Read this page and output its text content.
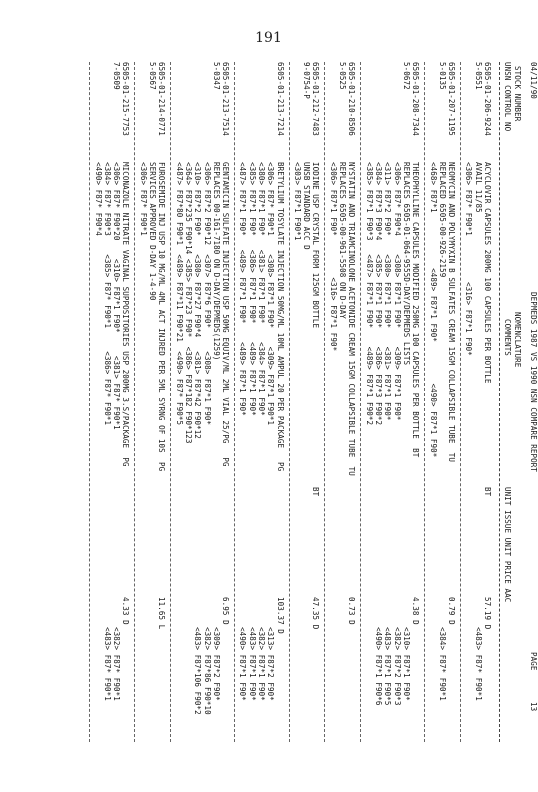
191
04/11/90
DEPMEDS 1987 VS 1990 NSN COMPARE REPORT
PAGE
13
STOCK NUMBER
UNSN CONTROL NO
NOMENCLATURE
COMMENTS
UNIT ISSUE UNIT PRICE AAC
6505-01-206-9244
5-0551
ACYCLOVIR CAPSULES 200MG 100 CAPSULES PER BOTTLE
AVAIL 11/85
<306> F87* F90*1          <316> F87*1 F90*
BT
57.19 D
<483> F87* F90*1
6505-01-207-1195
5-0135
NEOMYCIN AND POLYMYXIN B SULFATES CREAM 15GM COLLAPSIBLE TUBE  TU
REPLACED 6505-00-926-2159
<468> F87*1            <489> F87*1 F90*         <490> F87*1 F90*
0.79 D
<384> F87* F90*1
6505-01-208-7344
5-0672
THEOPHYLLINE CAPSULES MODIFIED 250MG 100 CAPSULES PER BOTTLE  BT
REPLACES 6505-01-064-9555D-DAY/DEPMEDS LISTS
<306> F87* F90*4    <308> F87*1 F90*    <309> F87*1 F90*
<311> F87*2 F90*    <380> F87*1 F90*    <381> F87*1 F90*
<384> F87*3 F90*4   <385> F87*1 F90*    <386> F87*3 F90*2
<385> F87*1 F90*3   <487> F87*1 F90*    <489> F87*1 F90*2
4.38 D
<310> F87*1 F90*
<382> F87*2 F90*3
<483> F87*1 F90*5
<490> F87*1 F90*6
6505-01-210-8506
5-0525
NYSTATIN AND TRIAMCINOLONE ACETONIDE CREAM 15GM COLLAPSIBLE TUBE  TU
REPLACES 6505-00-961-5508 ON D-DAY
<306> F87*1 F90*         <316> F87*1 F90*
0.73 D
6505-01-212-7483
9-0754-P
IODINE USP CRYSTAL FORM 125GM BOTTLE
UNSB STANDARD ACC D
<303> F87*1 F90*1
BT
47.35 D
6505-01-213-7214
BRETYLIUM TOSYLATE INJECTION 50MG/ML 10ML AMPUL 20 PER PACKAGE   PG
<306> F87* F90*1    <308> F87*1 F90*    <309> F87*1 F90*1
<380> F87*1 F90*   <381> F87*1 F90*    <384> F87*1 F90*
<385> F87*1 F90*   <386> F87*1 F90*    <489> F87*1 F90*
<487> F87*1 F90*   <489> F87*1 F90*    <489> F87*1 F90*
103.37 D
<313> F87*2 F90*
<382> F87*1 F90*
<483> F87*1 F90*
<490> F87*1 F90*
6505-01-213-7514
5-0347
GENTAMICIN SULFATE INJECTION USP 50MG EQUIV/ML 2ML VIAL 25/PG   PG
REPLACES 00-161-7180 ON D-DAY/DEPMEDS(1259)
<306> F87*2 F90*12  <307> F87*6 F90*     <308> F87*1 F90*
<310> F87*2 F90*    <380> F87*27 F90*4   <381> F87*42 F90*12
<364> F87*235 F90*14 <385> F87*23 F90*  <386> F87*182 F90*123
<487> F87*80 F90*1  <489> F87*11 F90*21  <490> F87* F90*5
6.95 D
<309> F87*2 F90*
<382> F87*86 F90*10
<483> F87*106 F90*2
6505-01-214-0771
5-0567
FUROSEMIDE INJ USP 10 MG/ML 4ML ACT INJRED PER 5ML SYRNG OF 10S  PG
SERVICES APPROVED D-DAY 1-4-90
<306> F87* F90*1
11.65 L
6505-01-215-7753
7-0509
MICONAZOLE NITRATE VAGINAL SUPPOSITORIES USP 200MG 3.S/PACKAGE  PG
<306> F87* F90*20    <310> F87*1 F90*     <381> F87* F90*1
<384> F87* F90*3    <385> F87* F90*1     <386> F87* F90*1
<490> F87* F90*4
4.33 D
<382> F87* F90*1
<483> F87* F90*1
